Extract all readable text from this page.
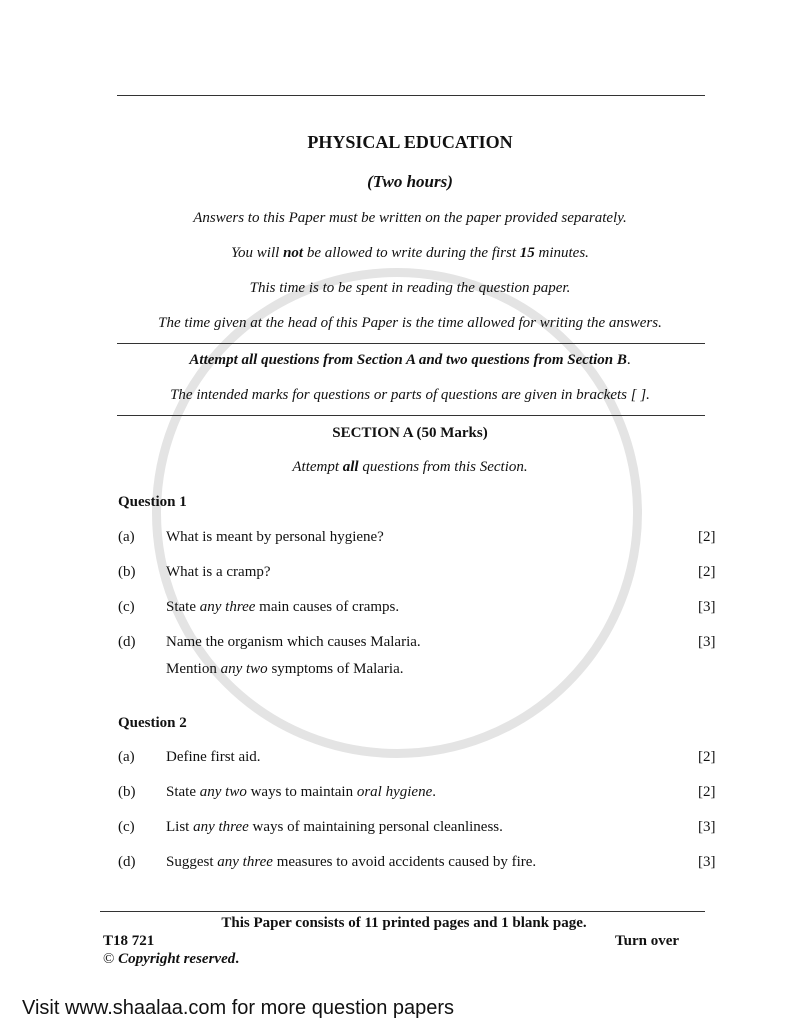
PHYSICAL EDUCATION
(Two hours)
Answers to this Paper must be written on the paper provided separately.
You will not be allowed to write during the first 15 minutes.
This time is to be spent in reading the question paper.
The time given at the head of this Paper is the time allowed for writing the answers.
Attempt all questions from Section A and two questions from Section B.
The intended marks for questions or parts of questions are given in brackets [ ].
SECTION A (50 Marks)
Attempt all questions from this Section.
Question 1
Question 2
(a) What is meant by personal hygiene?	[2]
(b) What is a cramp?	[2]
(c) State any three main causes of cramps.	[3]
(d) Name the organism which causes Malaria.
Mention any two symptoms of Malaria.
[3]
(a) Define first aid.	[2]
(b) State any two ways to maintain oral hygiene.	[2]
(c) List any three ways of maintaining personal cleanliness.	[3]
(d) Suggest any three measures to avoid accidents caused by fire.	[3]
This Paper consists of 11 printed pages and 1 blank page.
T18 721	Turn over
© Copyright reserved.
Visit www.shaalaa.com for more question papers
